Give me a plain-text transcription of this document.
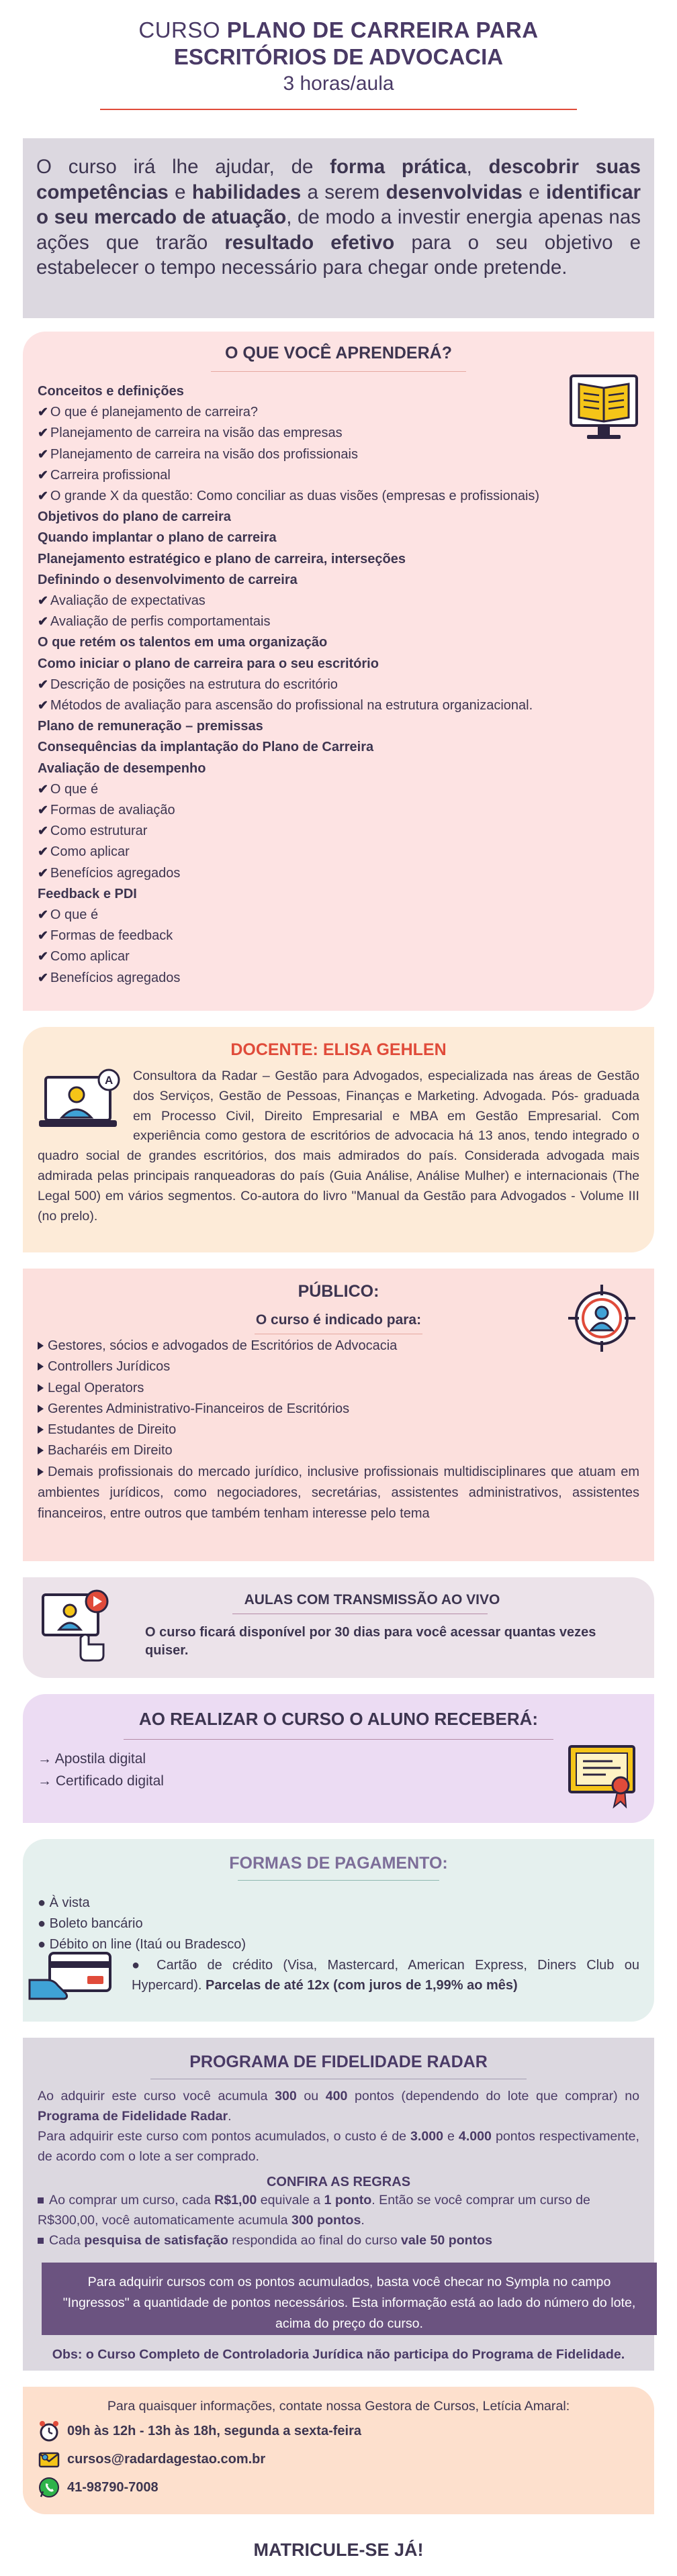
CURSO PLANO DE CARREIRA PARA
ESCRITÓRIOS DE ADVOCACIA
3 horas/aula
O curso irá lhe ajudar, de forma prática, descobrir suas competências e habilidades a serem desenvolvidas e identificar o seu mercado de atuação, de modo a investir energia apenas nas ações que trarão resultado efetivo para o seu objetivo e estabelecer o tempo necessário para chegar onde pretende.
O QUE VOCÊ APRENDERÁ?
Conceitos e definições
✔ O que é planejamento de carreira?
✔ Planejamento de carreira na visão das empresas
✔ Planejamento de carreira na visão dos profissionais
✔ Carreira profissional
✔ O grande X da questão: Como conciliar as duas visões (empresas e profissionais)
Objetivos do plano de carreira
Quando implantar o plano de carreira
Planejamento estratégico e plano de carreira, interseções
Definindo o desenvolvimento de carreira
✔ Avaliação de expectativas
✔ Avaliação de perfis comportamentais
O que retém os talentos em uma organização
Como iniciar o plano de carreira para o seu escritório
✔ Descrição de posições na estrutura do escritório
✔ Métodos de avaliação para ascensão do profissional na estrutura organizacional.
Plano de remuneração – premissas
Consequências da implantação do Plano de Carreira
Avaliação de desempenho
✔ O que é
✔ Formas de avaliação
✔ Como estruturar
✔ Como aplicar
✔ Benefícios agregados
Feedback e PDI
✔ O que é
✔ Formas de feedback
✔ Como aplicar
✔ Benefícios agregados
DOCENTE: ELISA GEHLEN
A Consultora da Radar – Gestão para Advogados, especializada nas áreas de Gestão dos Serviços, Gestão de Pessoas, Finanças e Marketing. Advogada. Pós- graduada em Processo Civil, Direito Empresarial e MBA em Gestão Empresarial. Com experiência como gestora de escritórios de advocacia há 13 anos, tendo integrado o quadro social de grandes escritórios, dos mais admirados do país. Considerada advogada mais admirada pelas principais ranqueadoras do país (Guia Análise, Análise Mulher) e internacionais (The Legal 500) em vários segmentos. Co-autora do livro "Manual da Gestão para Advogados - Volume III (no prelo).
PÚBLICO:
O curso é indicado para:
Gestores, sócios e advogados de Escritórios de Advocacia
Controllers Jurídicos
Legal Operators
Gerentes Administrativo-Financeiros de Escritórios
Estudantes de Direito
Bacharéis em Direito
Demais profissionais do mercado jurídico, inclusive profissionais multidisciplinares que atuam em ambientes jurídicos, como negociadores, secretárias, assistentes administrativos, assistentes financeiros, entre outros que também tenham interesse pelo tema
AULAS COM TRANSMISSÃO AO VIVO
O curso ficará disponível por 30 dias para você acessar quantas vezes quiser.
AO REALIZAR O CURSO O ALUNO RECEBERÁ:
→ Apostila digital
→ Certificado digital
FORMAS DE PAGAMENTO:
● À vista
● Boleto bancário
● Débito on line (Itaú ou Bradesco)
● Cartão de crédito (Visa, Mastercard, American Express, Diners Club ou Hypercard). Parcelas de até 12x (com juros de 1,99% ao mês)
PROGRAMA DE FIDELIDADE RADAR

Ao adquirir este curso você acumula 300 ou 400 pontos (dependendo do lote que comprar) no Programa de Fidelidade Radar.

Para adquirir este curso com pontos acumulados, o custo é de 3.000 e 4.000 pontos respectivamente, de acordo com o lote a ser comprado.

CONFIRA AS REGRAS
Ao comprar um curso, cada R$1,00 equivale a 1 ponto. Então se você comprar um curso de R$300,00, você automaticamente acumula 300 pontos.
Cada pesquisa de satisfação respondida ao final do curso vale 50 pontos
Para adquirir cursos com os pontos acumulados, basta você checar no Sympla no campo "Ingressos" a quantidade de pontos necessários. Esta informação está ao lado do número do lote, acima do preço do curso.
Obs: o Curso Completo de Controladoria Jurídica não participa do Programa de Fidelidade.
Para quaisquer informações, contate nossa Gestora de Cursos, Letícia Amaral:
09h às 12h - 13h às 18h, segunda a sexta-feira
cursos@radardagestao.com.br
41-98790-7008
MATRICULE-SE JÁ!
